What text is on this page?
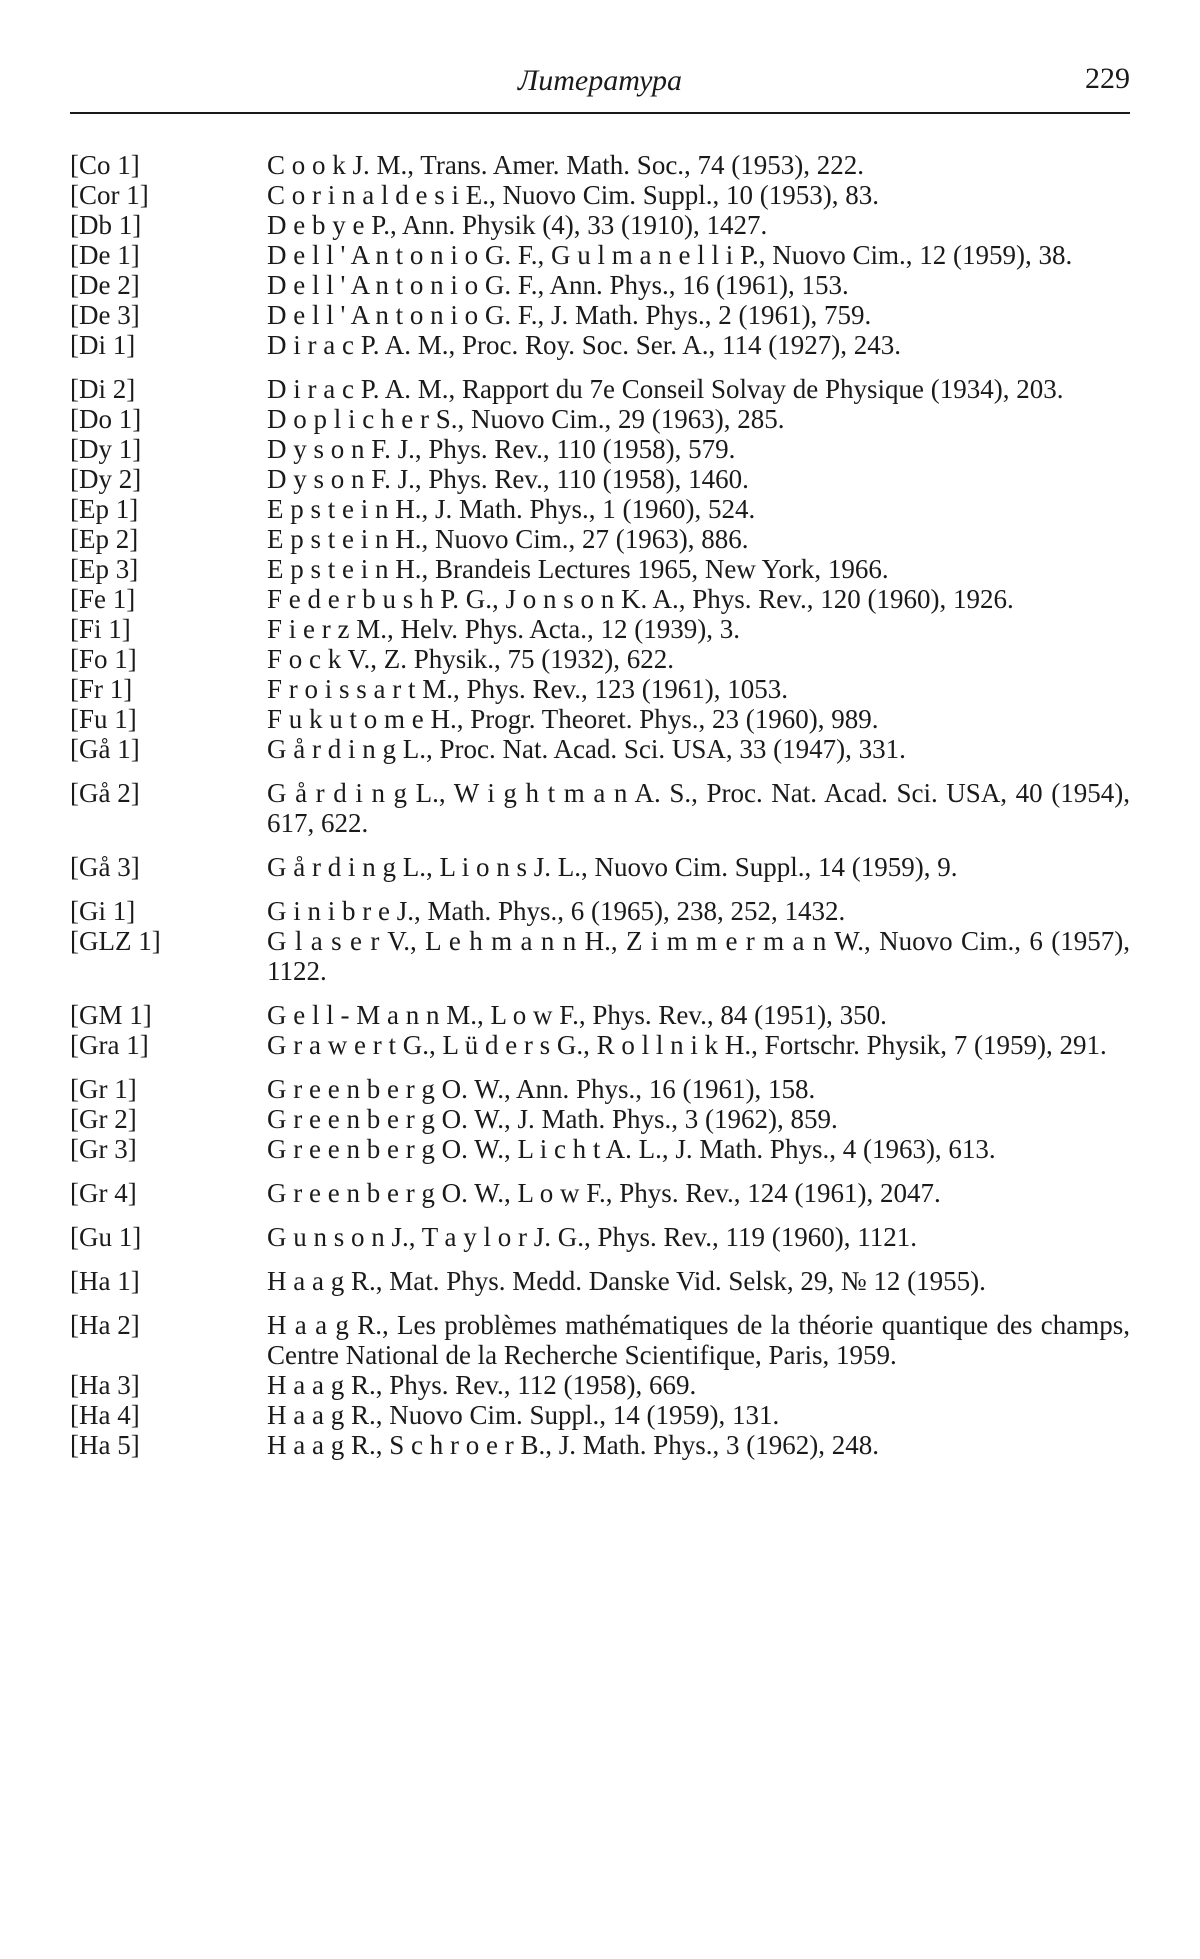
Литература	229
[Co 1]	C o o k J. M., Trans. Amer. Math. Soc., 74 (1953), 222.
[Cor 1]	C o r i n a l d e s i E., Nuovo Cim. Suppl., 10 (1953), 83.
[Db 1]	D e b y e P., Ann. Physik (4), 33 (1910), 1427.
[De 1]	D e l l ' A n t o n i o G. F., G u l m a n e l l i P., Nuovo Cim., 12 (1959), 38.
[De 2]	D e l l ' A n t o n i o G. F., Ann. Phys., 16 (1961), 153.
[De 3]	D e l l ' A n t o n i o G. F., J. Math. Phys., 2 (1961), 759.
[Di 1]	D i r a c P. A. M., Proc. Roy. Soc. Ser. A., 114 (1927), 243.
[Di 2]	D i r a c P. A. M., Rapport du 7e Conseil Solvay de Physique (1934), 203.
[Do 1]	D o p l i c h e r S., Nuovo Cim., 29 (1963), 285.
[Dy 1]	D y s o n F. J., Phys. Rev., 110 (1958), 579.
[Dy 2]	D y s o n F. J., Phys. Rev., 110 (1958), 1460.
[Ep 1]	E p s t e i n H., J. Math. Phys., 1 (1960), 524.
[Ep 2]	E p s t e i n H., Nuovo Cim., 27 (1963), 886.
[Ep 3]	E p s t e i n H., Brandeis Lectures 1965, New York, 1966.
[Fe 1]	F e d e r b u s h P. G., J o n s o n K. A., Phys. Rev., 120 (1960), 1926.
[Fi 1]	F i e r z M., Helv. Phys. Acta., 12 (1939), 3.
[Fo 1]	F o c k V., Z. Physik., 75 (1932), 622.
[Fr 1]	F r o i s s a r t M., Phys. Rev., 123 (1961), 1053.
[Fu 1]	F u k u t o m e H., Progr. Theoret. Phys., 23 (1960), 989.
[Gå 1]	G å r d i n g L., Proc. Nat. Acad. Sci. USA, 33 (1947), 331.
[Gå 2]	G å r d i n g L., W i g h t m a n A. S., Proc. Nat. Acad. Sci. USA, 40 (1954), 617, 622.
[Gå 3]	G å r d i n g L., L i o n s J. L., Nuovo Cim. Suppl., 14 (1959), 9.
[Gi 1]	G i n i b r e J., Math. Phys., 6 (1965), 238, 252, 1432.
[GLZ 1]	G l a s e r V., L e h m a n n H., Z i m m e r m a n W., Nuovo Cim., 6 (1957), 1122.
[GM 1]	G e l l - M a n n M., L o w F., Phys. Rev., 84 (1951), 350.
[Gra 1]	G r a w e r t G., L ü d e r s G., R o l l n i k H., Fortschr. Physik, 7 (1959), 291.
[Gr 1]	G r e e n b e r g O. W., Ann. Phys., 16 (1961), 158.
[Gr 2]	G r e e n b e r g O. W., J. Math. Phys., 3 (1962), 859.
[Gr 3]	G r e e n b e r g O. W., L i c h t A. L., J. Math. Phys., 4 (1963), 613.
[Gr 4]	G r e e n b e r g O. W., L o w F., Phys. Rev., 124 (1961), 2047.
[Gu 1]	G u n s o n J., T a y l o r J. G., Phys. Rev., 119 (1960), 1121.
[Ha 1]	H a a g R., Mat. Phys. Medd. Danske Vid. Selsk, 29, № 12 (1955).
[Ha 2]	H a a g R., Les problèmes mathématiques de la théorie quantique des champs, Centre National de la Recherche Scientifique, Paris, 1959.
[Ha 3]	H a a g R., Phys. Rev., 112 (1958), 669.
[Ha 4]	H a a g R., Nuovo Cim. Suppl., 14 (1959), 131.
[Ha 5]	H a a g R., S c h r o e r B., J. Math. Phys., 3 (1962), 248.
